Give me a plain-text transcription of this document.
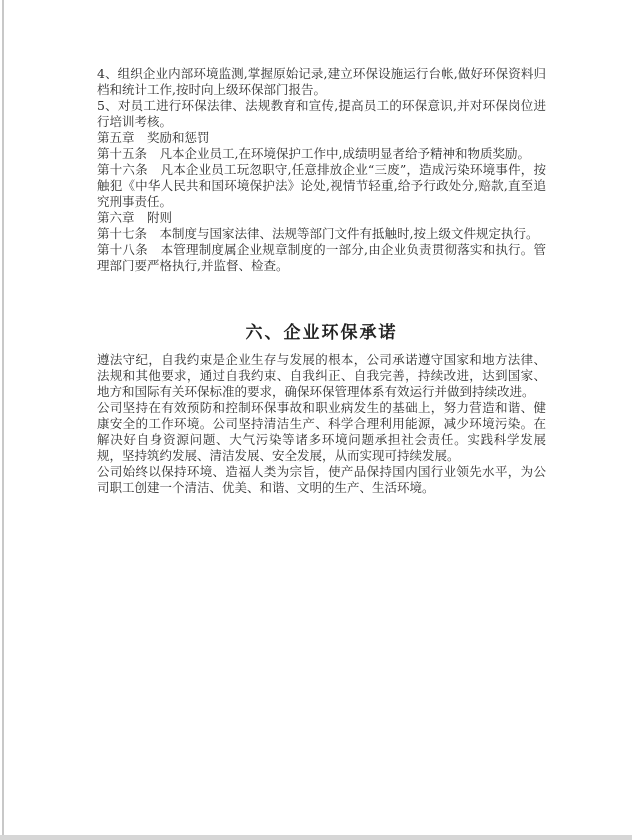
4、组织企业内部环境监测,掌握原始记录,建立环保设施运行台帐,做好环保资料归档和统计工作,按时向上级环保部门报告。

5、对员工进行环保法律、法规教育和宣传,提高员工的环保意识,并对环保岗位进行培训考核。

第五章　奖励和惩罚

第十五条　凡本企业员工,在环境保护工作中,成绩明显者给予精神和物质奖励。

第十六条　凡本企业员工玩忽职守,任意排放企业“三废”，造成污染环境事件，按触犯《中华人民共和国环境保护法》论处,视情节轻重,给予行政处分,赔款,直至追究刑事责任。

第六章　附则

第十七条　本制度与国家法律、法规等部门文件有抵触时,按上级文件规定执行。

第十八条　本管理制度属企业规章制度的一部分,由企业负责贯彻落实和执行。管理部门要严格执行,并监督、检查。

六、企业环保承诺

遵法守纪，自我约束是企业生存与发展的根本，公司承诺遵守国家和地方法律、法规和其他要求，通过自我约束、自我纠正、自我完善，持续改进，达到国家、地方和国际有关环保标准的要求，确保环保管理体系有效运行并做到持续改进。

公司坚持在有效预防和控制环保事故和职业病发生的基础上，努力营造和谐、健康安全的工作环境。公司坚持清洁生产、科学合理利用能源，减少环境污染。在解决好自身资源问题、大气污染等诸多环境问题承担社会责任。实践科学发展规，坚持筑约发展、清洁发展、安全发展，从而实现可持续发展。

公司始终以保持环境、造福人类为宗旨，使产品保持国内国行业领先水平，为公司职工创建一个清洁、优美、和谐、文明的生产、生活环境。
